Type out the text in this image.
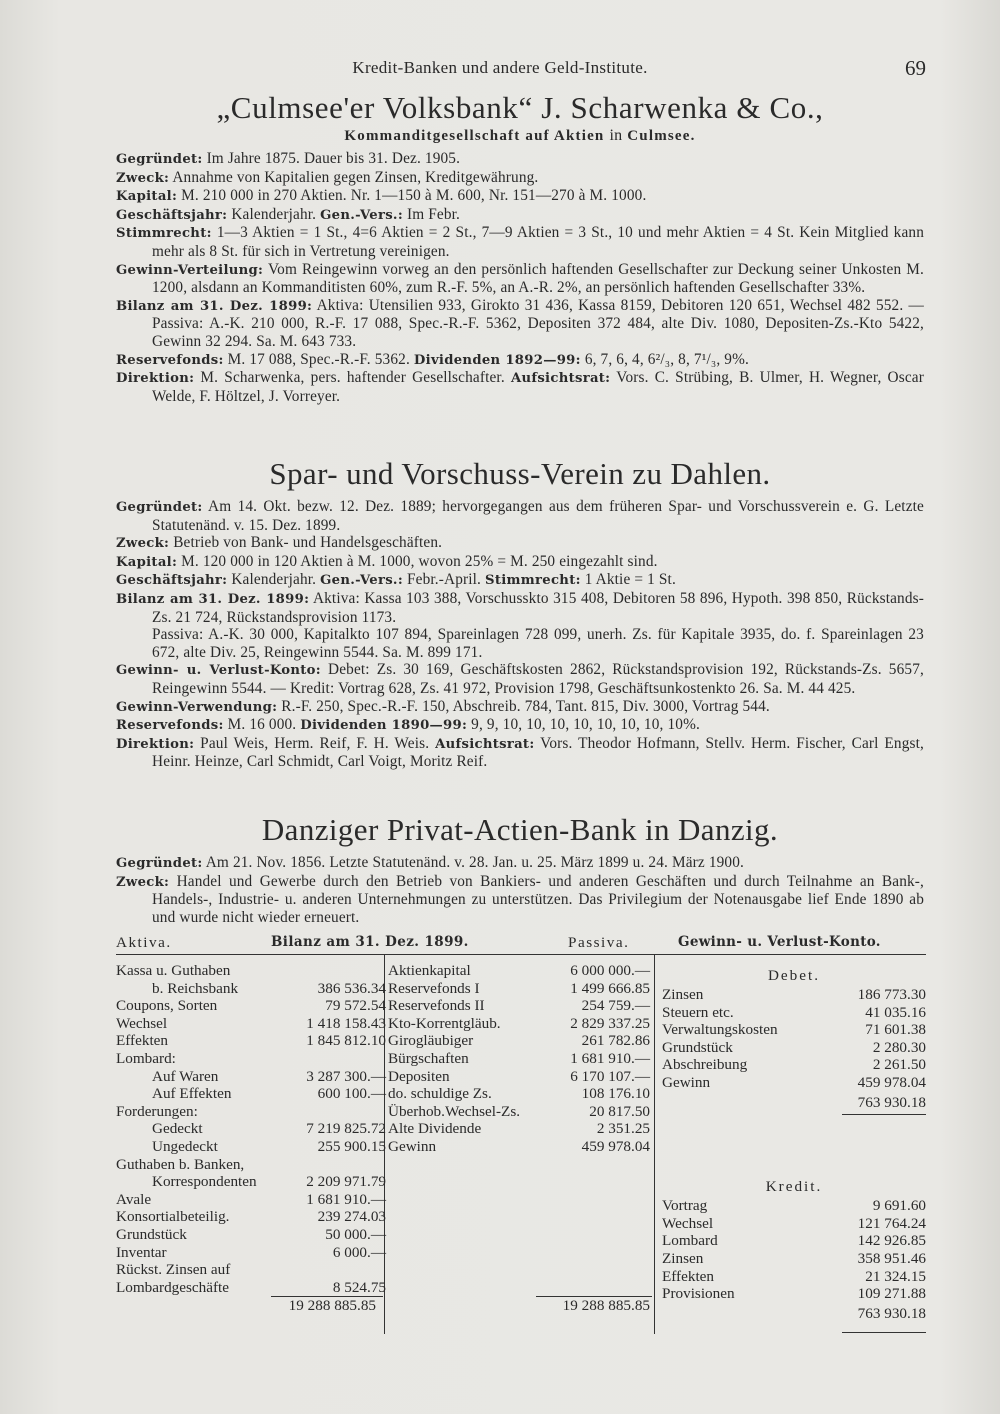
Kredit-Banken und andere Geld-Institute.	69
„Culmsee'er Volksbank“ J. Scharwenka & Co.,
Kommanditgesellschaft auf Aktien in Culmsee.

Gegründet: Im Jahre 1875. Dauer bis 31. Dez. 1905.

Zweck: Annahme von Kapitalien gegen Zinsen, Kreditgewährung.

Kapital: M. 210 000 in 270 Aktien. Nr. 1—150 à M. 600, Nr. 151—270 à M. 1000.

Geschäftsjahr: Kalenderjahr. Gen.-Vers.: Im Febr.

Stimmrecht: 1—3 Aktien = 1 St., 4=6 Aktien = 2 St., 7—9 Aktien = 3 St., 10 und mehr Aktien = 4 St. Kein Mitglied kann mehr als 8 St. für sich in Vertretung vereinigen.

Gewinn-Verteilung: Vom Reingewinn vorweg an den persönlich haftenden Gesellschafter zur Deckung seiner Unkosten M. 1200, alsdann an Kommanditisten 60%, zum R.-F. 5%, an A.-R. 2%, an persönlich haftenden Gesellschafter 33%.

Bilanz am 31. Dez. 1899: Aktiva: Utensilien 933, Girokto 31 436, Kassa 8159, Debitoren 120 651, Wechsel 482 552. — Passiva: A.-K. 210 000, R.-F. 17 088, Spec.-R.-F. 5362, Depositen 372 484, alte Div. 1080, Depositen-Zs.-Kto 5422, Gewinn 32 294. Sa. M. 643 733.

Reservefonds: M. 17 088, Spec.-R.-F. 5362. Dividenden 1892—99: 6, 7, 6, 4, 6²/₃, 8, 7¹/₃, 9%.

Direktion: M. Scharwenka, pers. haftender Gesellschafter. Aufsichtsrat: Vors. C. Strübing, B. Ulmer, H. Wegner, Oscar Welde, F. Höltzel, J. Vorreyer.

Spar- und Vorschuss-Verein zu Dahlen.

Gegründet: Am 14. Okt. bezw. 12. Dez. 1889; hervorgegangen aus dem früheren Spar- und Vorschussverein e. G. Letzte Statutenänd. v. 15. Dez. 1899.

Zweck: Betrieb von Bank- und Handelsgeschäften.

Kapital: M. 120 000 in 120 Aktien à M. 1000, wovon 25% = M. 250 eingezahlt sind.

Geschäftsjahr: Kalenderjahr. Gen.-Vers.: Febr.-April. Stimmrecht: 1 Aktie = 1 St.

Bilanz am 31. Dez. 1899: Aktiva: Kassa 103 388, Vorschusskto 315 408, Debitoren 58 896, Hypoth. 398 850, Rückstands-Zs. 21 724, Rückstandsprovision 1173.

Passiva: A.-K. 30 000, Kapitalkto 107 894, Spareinlagen 728 099, unerh. Zs. für Kapitale 3935, do. f. Spareinlagen 23 672, alte Div. 25, Reingewinn 5544. Sa. M. 899 171.

Gewinn- u. Verlust-Konto: Debet: Zs. 30 169, Geschäftskosten 2862, Rückstandsprovision 192, Rückstands-Zs. 5657, Reingewinn 5544. — Kredit: Vortrag 628, Zs. 41 972, Provision 1798, Geschäftsunkostenkto 26. Sa. M. 44 425.

Gewinn-Verwendung: R.-F. 250, Spec.-R.-F. 150, Abschreib. 784, Tant. 815, Div. 3000, Vortrag 544.

Reservefonds: M. 16 000. Dividenden 1890—99: 9, 9, 10, 10, 10, 10, 10, 10, 10, 10%.

Direktion: Paul Weis, Herm. Reif, F. H. Weis. Aufsichtsrat: Vors. Theodor Hofmann, Stellv. Herm. Fischer, Carl Engst, Heinr. Heinze, Carl Schmidt, Carl Voigt, Moritz Reif.

Danziger Privat-Actien-Bank in Danzig.

Gegründet: Am 21. Nov. 1856. Letzte Statutenänd. v. 28. Jan. u. 25. März 1899 u. 24. März 1900.

Zweck: Handel und Gewerbe durch den Betrieb von Bankiers- und anderen Geschäften und durch Teilnahme an Bank-, Handels-, Industrie- u. anderen Unternehmungen zu unterstützen. Das Privilegium der Notenausgabe lief Ende 1890 ab und wurde nicht wieder erneuert.

Aktiva.	Bilanz am 31. Dez. 1899.	Passiva.	Gewinn- u. Verlust-Konto.
Kassa u. Guthaben
b. Reichsbank	386 536.34
Coupons, Sorten	79 572.54
Wechsel	1 418 158.43
Effekten	1 845 812.10
Lombard:
Auf Waren	3 287 300.—
Auf Effekten	600 100.—
Forderungen:
Gedeckt	7 219 825.72
Ungedeckt	255 900.15
Guthaben b. Banken,
Korrespondenten	2 209 971.79
Avale	1 681 910.—
Konsortialbeteilig.	239 274.03
Grundstück	50 000.—
Inventar	6 000.—
Rückst. Zinsen auf
Lombardgeschäfte	8 524.75
Aktienkapital	6 000 000.—
Reservefonds I	1 499 666.85
Reservefonds II	254 759.—
Kto-Korrentgläub.	2 829 337.25
Girogläubiger	261 782.86
Bürgschaften	1 681 910.—
Depositen	6 170 107.—
do. schuldige Zs.	108 176.10
Überhob.Wechsel-Zs.	20 817.50
Alte Dividende	2 351.25
Gewinn	459 978.04
Debet.
Zinsen	186 773.30
Steuern etc.	41 035.16
Verwaltungskosten	71 601.38
Grundstück	2 280.30
Abschreibung	2 261.50
Gewinn	459 978.04
763 930.18
Kredit.
Vortrag	9 691.60
Wechsel	121 764.24
Lombard	142 926.85
Zinsen	358 951.46
Effekten	21 324.15
Provisionen	109 271.88
763 930.18
19 288 885.85	19 288 885.85
